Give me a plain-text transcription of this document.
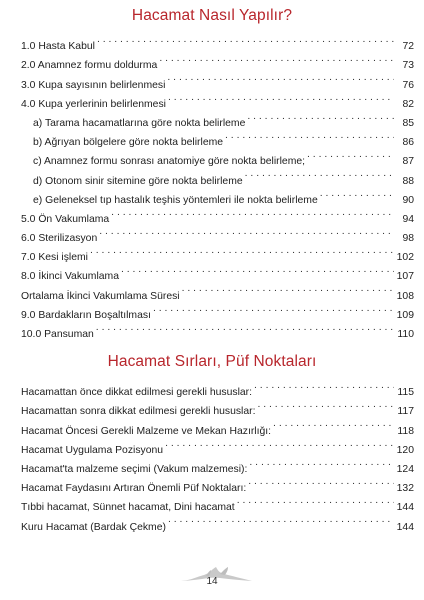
Hacamat Nasıl Yapılır?
1.0 Hasta Kabul . . .	72
2.0 Anamnez formu doldurma . . .	73
3.0 Kupa sayısının belirlenmesi . . .	76
4.0 Kupa yerlerinin belirlenmesi . . .	82
a) Tarama hacamatlarına göre nokta belirleme . . .	85
b) Ağrıyan bölgelere göre nokta belirleme . . .	86
c) Anamnez formu sonrası anatomiye göre nokta belirleme; . . .	87
d) Otonom sinir sitemine göre nokta belirleme . . .	88
e) Geleneksel tıp hastalık teşhis yöntemleri ile nokta belirleme . . .	90
5.0 Ön Vakumlama . . .	94
6.0 Sterilizasyon . . .	98
7.0 Kesi işlemi . . .	102
8.0 İkinci Vakumlama . . .	107
Ortalama İkinci Vakumlama Süresi . . .	108
9.0 Bardakların Boşaltılması . . .	109
10.0 Pansuman . . .	110
Hacamat Sırları, Püf Noktaları
Hacamattan önce dikkat edilmesi gerekli hususlar: . . .	115
Hacamattan sonra dikkat edilmesi gerekli hususlar: . . .	117
Hacamat Öncesi Gerekli Malzeme ve Mekan Hazırlığı: . . .	118
Hacamat Uygulama Pozisyonu . . .	120
Hacamat'ta malzeme seçimi (Vakum malzemesi): . . .	124
Hacamat Faydasını Artıran Önemli Püf Noktaları: . . .	132
Tıbbi hacamat, Sünnet hacamat, Dini hacamat . . .	144
Kuru Hacamat (Bardak Çekme) . . .	144
14
